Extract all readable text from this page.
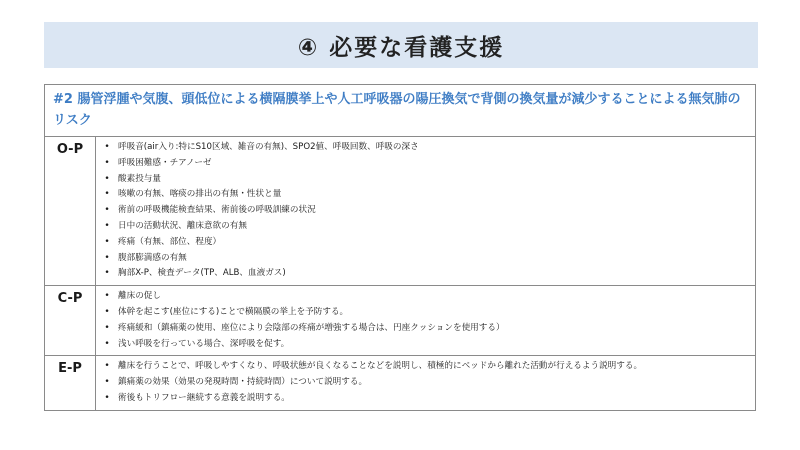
④ 必要な看護支援
#2 腸管浮腫や気腹、頭低位による横隔膜挙上や人工呼吸器の陽圧換気で背側の換気量が減少することによる無気肺のリスク
O-P	• 呼吸音(air入り:特にS10区域、雑音の有無)、SPO2値、呼吸回数、呼吸の深さ
• 呼吸困難感・チアノーゼ
• 酸素投与量
• 咳嗽の有無、喀痰の排出の有無・性状と量
• 術前の呼吸機能検査結果、術前後の呼吸訓練の状況
• 日中の活動状況、離床意欲の有無
• 疼痛（有無、部位、程度）
• 腹部膨満感の有無
• 胸部X-P、検査データ(TP、ALB、血液ガス)
C-P	• 離床の促し
• 体幹を起こす(座位にする)ことで横隔膜の挙上を予防する。
• 疼痛緩和（鎮痛薬の使用、座位により会陰部の疼痛が増強する場合は、円座クッションを使用する）
• 浅い呼吸を行っている場合、深呼吸を促す。
E-P	• 離床を行うことで、呼吸しやすくなり、呼吸状態が良くなることなどを説明し、積極的にベッドから離れた活動が行えるよう説明する。
• 鎮痛薬の効果（効果の発現時間・持続時間）について説明する。
• 術後もトリフロー継続する意義を説明する。
